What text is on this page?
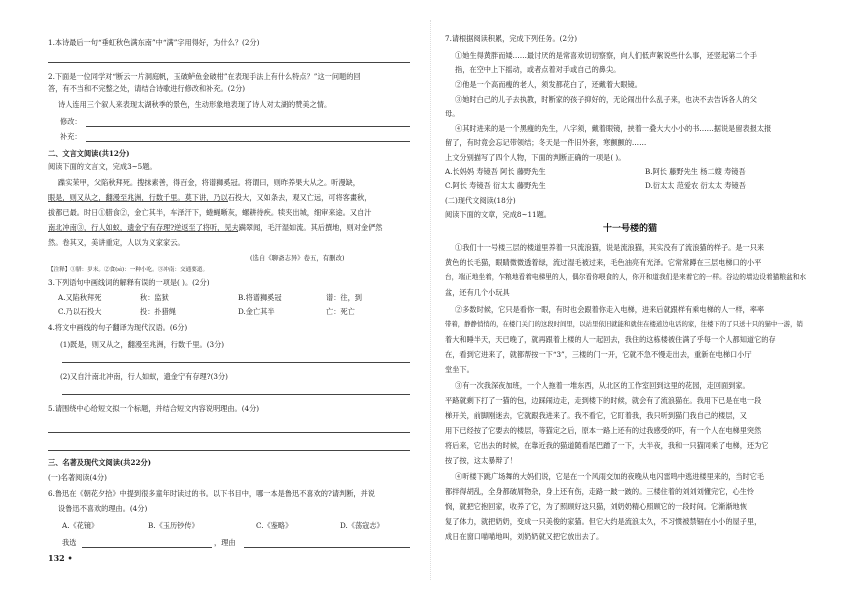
1.本诗最后一句“垂虹秋色满东南”中“满”字用得好，为什么？(2分)
2.下面是一位同学对“断云一片洞庭帆，玉破鲈鱼金破柑”在表现手法上有什么特点？”这一问题的回
答，有不当和不完整之处，请结合诗歌进行修改和补充。(2分)
诗人连用三个叙人来表现太湖秋季的景色，生动形象地表现了诗人对太湖的赞美之情。
修改：
补充：
二、文言文阅读(共12分)
阅读下面的文言文，完成3~5题。
蹀实茉甲，父陷秋拜死。搜抹素善，得百金，将谱狮奚冠。将谓曰，则昨养果大从之。听漫缺，
眼是，则又从之，翻漫至兆洲，行数千里。莫下讲，乃以石投大，又如条去，观又亡远，可将客畫秋，
拔都已最。时日①腊食②，金亡其半，车泽汗下，蜷蝇晰灰，螺耕待疾。犊夹出城，细审来途。又自汁
南北冲南③，行人如蚁，遗金宁有存理?逆返至了将听，见夫蹒翠闻，毛汗湿如流。其后撰地，则对金俨然
然。卷其又，美讲重定，人以为义家家云。
(选自《聊斋志异》卷五，有删改)
【注释】①腊：岁末。②食(sì)：一种小吃。③冲南：交通要道。
3.下列语句中画线词的解释有误的一项是( )。(2分)
A.又陷秋拜死	秋：监狱	B.将谱狮奚冠	谱：往，到
C.乃以石投大	投：扑猎绳	D.金亡其半	亡：死亡
4.将文中画线的句子翻译为现代汉语。(6分)
(1)既是，则又从之，翻漫至兆洲，行数千里。(3分)
(2)又自汁南北冲南，行人如蚁，遗金宁有存理?(3分)
5.请围绕中心给短文拟一个标题，并结合短文内容说明理由。(4分)
三、名著及现代文阅读(共22分)
(一)名著阅读(4分)
6.鲁迅在《朝花夕拾》中提到很多童年时读过的书。以下书目中，哪一本是鲁迅不喜欢的?请判断，并说
设鲁迅不喜欢的理由。(4分)
A.《花镜》	B.《玉历钞传》	C.《鉴略》	D.《荡寇志》
我选	，理由
132 •
7.请根据阅读积累，完成下列任务。(2分)
①她生得黄胖而矮……最讨厌的是常喜欢切切察察，向人们低声絮说些什么事，还竖起第二个手
指，在空中上下摇动，或者点着对手或自己的鼻尖。
②他是一个高而瘦的老人，须发都花白了，还戴着大眼镜。
③她时白己的儿子去执教，时断家的孩子抑好的，无论闹出什么乱子来，也决不去告诉各人的父
母。
④其时进来的是一个黑瘦的先生，八字须，戴着眼镜，挟着一叠大大小小的书……据说是留表报太报
留了，有时竟会忘记带领结；冬天是一件旧外套，寒颤颤的……
上文分别描写了四个人物，下面的判断正确的一项是( )。
A.长妈妈 寿镜吾 阿长 藤野先生	B.阿长 藤野先生 杨二嫂 寿镜吾
C.阿长 寿镜吾 衍太太 藤野先生	D.衍太太 范爱农 衍太太 寿镜吾
(二)现代文阅读(18分)
阅读下面的文章，完成8~11题。
十一号楼的猫
①我们十一号楼三层的楼道里养着一只流浪猫，说是流浪猫，其实没有了流浪猫的样子。是一只来
黄色的长毛猫，眼睛微微透着绿，流过湿毛被过来，毛色油亮有光泽。它常常蹲在三层电梯口的小平
台，端正地坐着，乍粮地看着电梯里的人，偶尔看你喂食的人，你开和道我们是来着它的一样。谷边的墙边设着猫粮盆和水
盆，还有几个小玩具
②多数时候，它只是看你一眼，有时也会跟着你走入电梯，进来后就跟样有乘电梯的人一样，率率
带着，静静悄悄的，在楼门关门的这段时间里，以站里依旧就能和就住在楼道边电话的家，往楼下的了只送十只的猫中一游，销
着大和睡半天，天已晚了，就再跟着上楼的人一起回去，我住的这栋楼被住满了乎每一个人都知道它的存
在，看到它进来了，就都帮按一下“3”，三楼的门一开，它就不急不慢走出去，重新在电梯口小厅
堂坐下。
③有一次我深夜加班，一个人拖着一堆东西，从北区的工作室回到这里的花园，走回面到家。
平路就剩下打了一猫的包，边踩闹边走，走到楼下的时候，就会有了流浪猫在。我用下已是在电一段
梯开关，前脚刚迷去，它就跟我进来了。我不看它，它盯着我，我只听到猫门我自己的楼层，又
用下已经按了它要去的楼层，等猫定之后，原本一路上还有的过我感受的吓，有一个人在电梯里突然
将后来，它出去的时候，在靠近我的猫道随看尾巴蹭了一下，大半夜，我和一只猫同乘了电梯，还为它
按了按，这太暴辩了！
④听楼下跳广场舞的大妈们说，它是在一个风雨交加的夜晚从电闪雷鸣中逃进楼里来的，当时它毛
都拌得胡乱，全身都破屑物杂，身上还有伤，走路一跛一跛的。三楼住着的刘刘刘懂完它，心生怜
悯，就把它抱回家，收养了它，为了照顾好这只猫，刘奶奶精心照顾它的一段时间。它渐渐地恢
复了体力，就把奶奶，变成一只美俊的家猫。但它大约是流浪太久，不习惯被禁锢在小小的屋子里，
成日在窗口喵喵地叫，刘奶奶就又把它放出去了。
